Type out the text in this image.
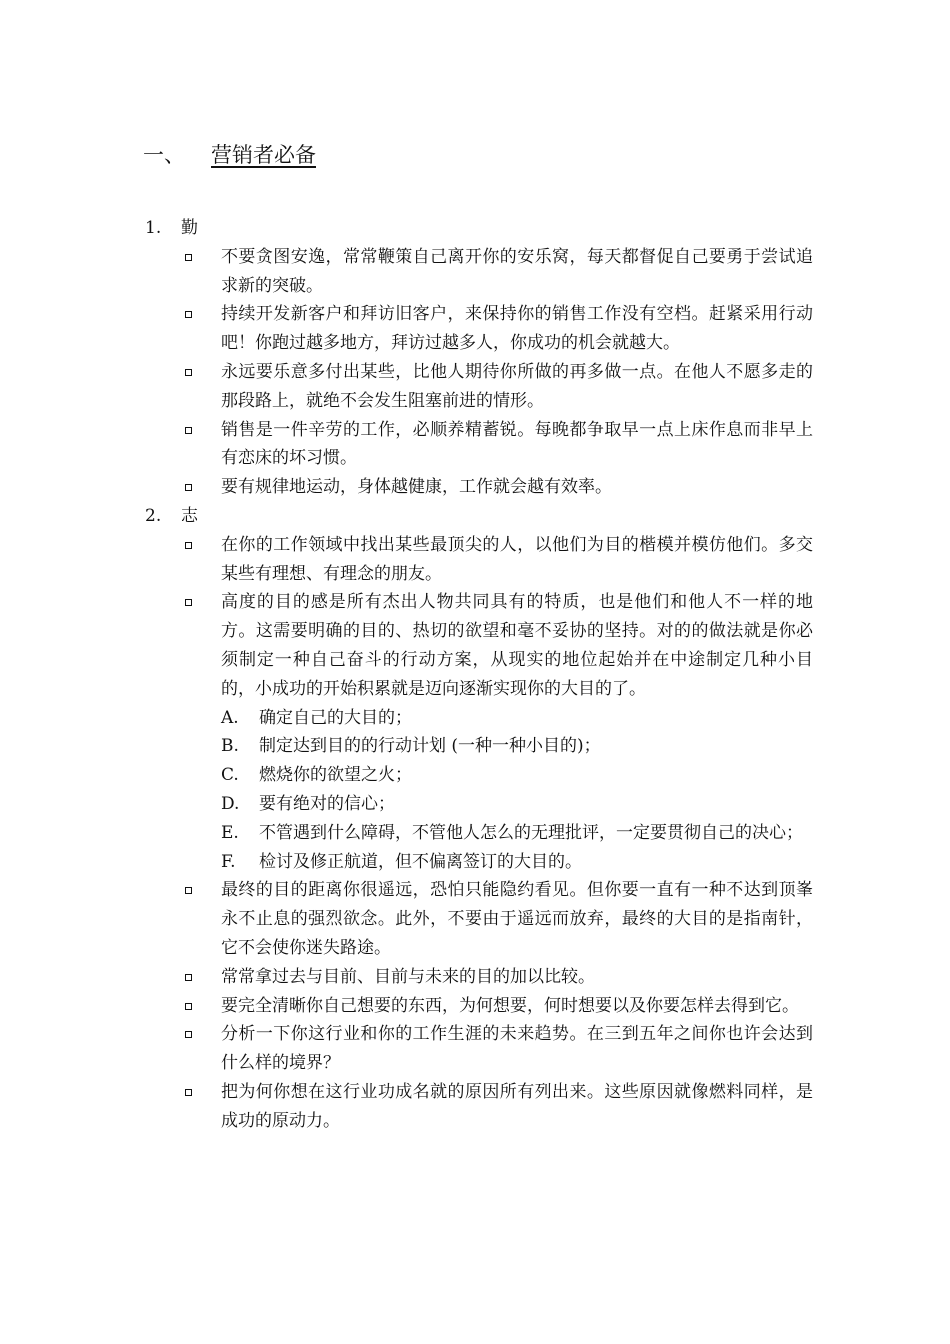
一、 营销者必备
1. 勤
不要贪图安逸，常常鞭策自己离开你的安乐窝，每天都督促自己要勇于尝试追求新的突破。
持续开发新客户和拜访旧客户，来保持你的销售工作没有空档。赶紧采用行动吧！你跑过越多地方，拜访过越多人，你成功的机会就越大。
永远要乐意多付出某些，比他人期待你所做的再多做一点。在他人不愿多走的那段路上，就绝不会发生阻塞前进的情形。
销售是一件辛劳的工作，必顺养精蓄锐。每晚都争取早一点上床作息而非早上有恋床的坏习惯。
要有规律地运动，身体越健康，工作就会越有效率。
2. 志
在你的工作领域中找出某些最顶尖的人，以他们为目的楷模并模仿他们。多交某些有理想、有理念的朋友。
高度的目的感是所有杰出人物共同具有的特质，也是他们和他人不一样的地方。这需要明确的目的、热切的欲望和毫不妥协的坚持。对的的做法就是你必须制定一种自己奋斗的行动方案，从现实的地位起始并在中途制定几种小目的，小成功的开始积累就是迈向逐渐实现你的大目的了。
A. 确定自己的大目的；
B. 制定达到目的的行动计划 (一种一种小目的)；
C. 燃烧你的欲望之火；
D. 要有绝对的信心；
E. 不管遇到什么障碍，不管他人怎么的无理批评，一定要贯彻自己的决心；
F. 检讨及修正航道，但不偏离签订的大目的。
最终的目的距离你很遥远，恐怕只能隐约看见。但你要一直有一种不达到顶峯永不止息的强烈欲念。此外，不要由于遥远而放弃，最终的大目的是指南针，它不会使你迷失路途。
常常拿过去与目前、目前与未来的目的加以比较。
要完全清晰你自己想要的东西，为何想要，何时想要以及你要怎样去得到它。
分析一下你这行业和你的工作生涯的未来趋势。在三到五年之间你也许会达到什么样的境界？
把为何你想在这行业功成名就的原因所有列出来。这些原因就像燃料同样，是成功的原动力。
